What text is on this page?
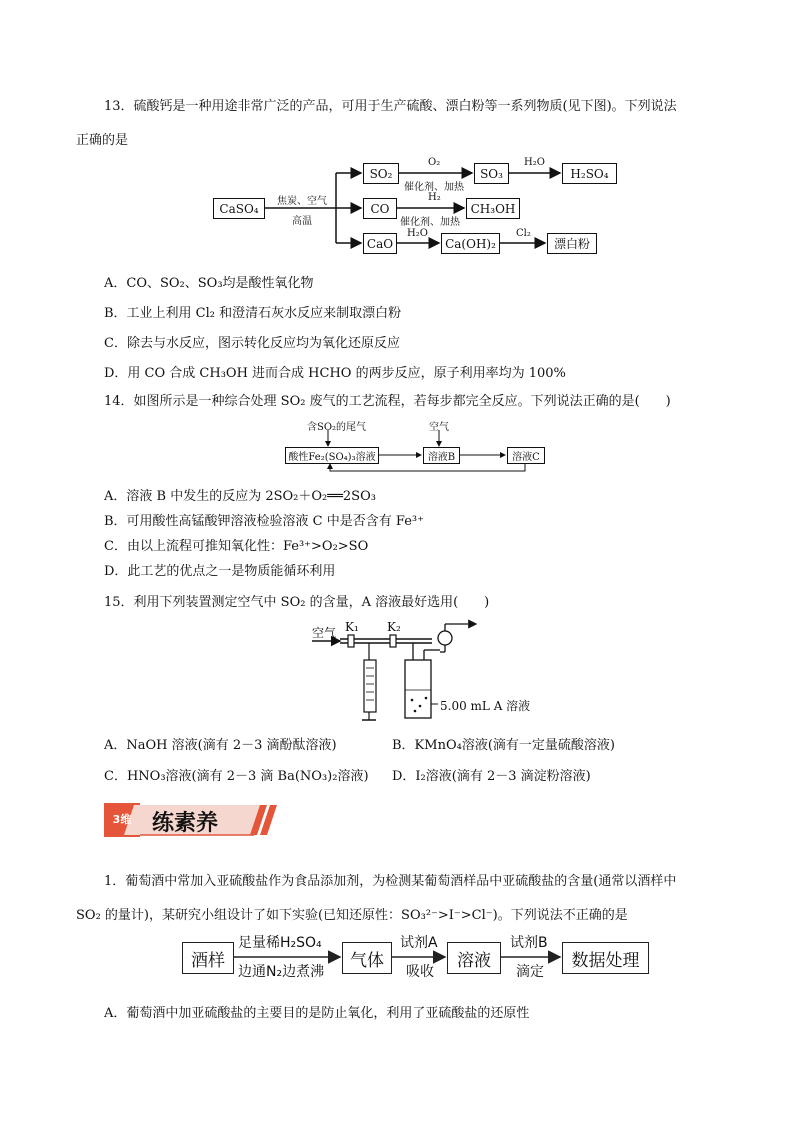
13．硫酸钙是一种用途非常广泛的产品，可用于生产硫酸、漂白粉等一系列物质(见下图)。下列说法
正确的是
CaSO₄	焦炭、空气
高温
SO₂
O₂
催化剂、加热
SO₃
H₂O
H₂SO₄
CO
H₂
催化剂、加热
CH₃OH
CaO
H₂O
Ca(OH)₂
Cl₂
漂白粉
A．CO、SO₂、SO₃均是酸性氧化物
B．工业上利用 Cl₂ 和澄清石灰水反应来制取漂白粉
C．除去与水反应，图示转化反应均为氧化还原反应
D．用 CO 合成 CH₃OH 进而合成 HCHO 的两步反应，原子利用率均为 100%
14．如图所示是一种综合处理 SO₂ 废气的工艺流程，若每步都完全反应。下列说法正确的是(　　)
含SO₂的尾气	空气
酸性Fe₂(SO₄)₃溶液	溶液B	溶液C
A．溶液 B 中发生的反应为 2SO₂＋O₂══2SO₃
B．可用酸性高锰酸钾溶液检验溶液 C 中是否含有 Fe³⁺
C．由以上流程可推知氧化性：Fe³⁺>O₂>SO
D．此工艺的优点之一是物质能循环利用
15．利用下列装置测定空气中 SO₂ 的含量，A 溶液最好选用(　　)
空气 K₁ K₂
5.00 mL A 溶液
A．NaOH 溶液(滴有 2－3 滴酚酞溶液)	B．KMnO₄溶液(滴有一定量硫酸溶液)
C．HNO₃溶液(滴有 2－3 滴 Ba(NO₃)₂溶液) D．I₂溶液(滴有 2－3 滴淀粉溶液)
3维 练素养
1．葡萄酒中常加入亚硫酸盐作为食品添加剂，为检测某葡萄酒样品中亚硫酸盐的含量(通常以酒样中
SO₂ 的量计)，某研究小组设计了如下实验(已知还原性：SO₃²⁻>I⁻>Cl⁻)。下列说法不正确的是
酒样
足量稀H₂SO₄
边通N₂边煮沸
气体
试剂A
吸收
溶液
试剂B
滴定
数据处理
A．葡萄酒中加亚硫酸盐的主要目的是防止氧化，利用了亚硫酸盐的还原性
